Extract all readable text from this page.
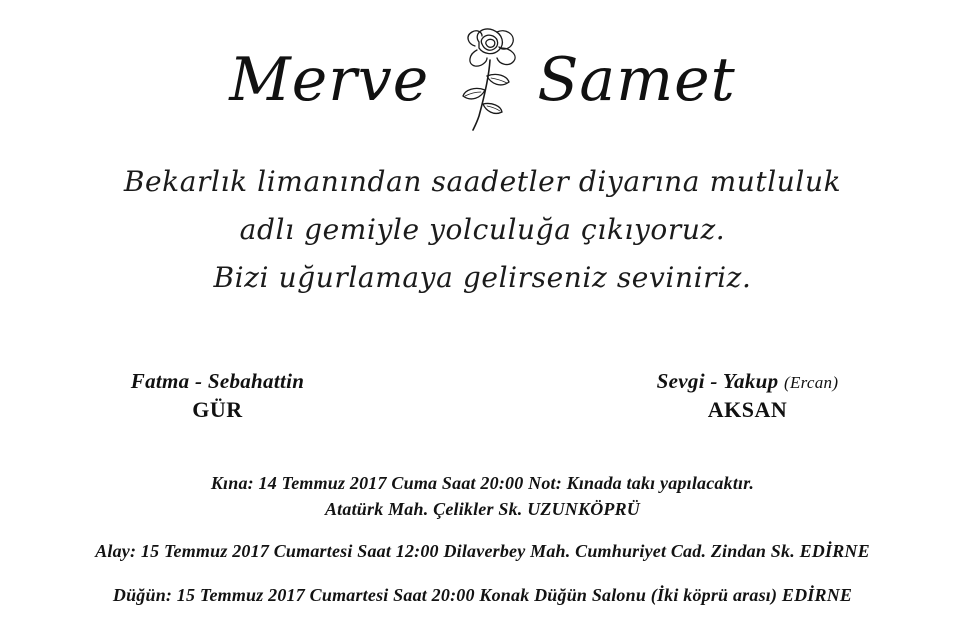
Merve Samet
Bekarlık limanından saadetler diyarına mutluluk
adlı gemiyle yolculuğa çıkıyoruz.
Bizi uğurlamaya gelirseniz seviniriz.
Fatma - Sebahattin
GÜR
Sevgi - Yakup (Ercan)
AKSAN
Kına: 14 Temmuz 2017 Cuma Saat 20:00 Not: Kınada takı yapılacaktır.
Atatürk Mah. Çelikler Sk. UZUNKÖPRÜ
Alay: 15 Temmuz 2017 Cumartesi Saat 12:00 Dilaverbey Mah. Cumhuriyet Cad. Zindan Sk. EDİRNE
Düğün: 15 Temmuz 2017 Cumartesi Saat 20:00 Konak Düğün Salonu (İki köprü arası) EDİRNE
